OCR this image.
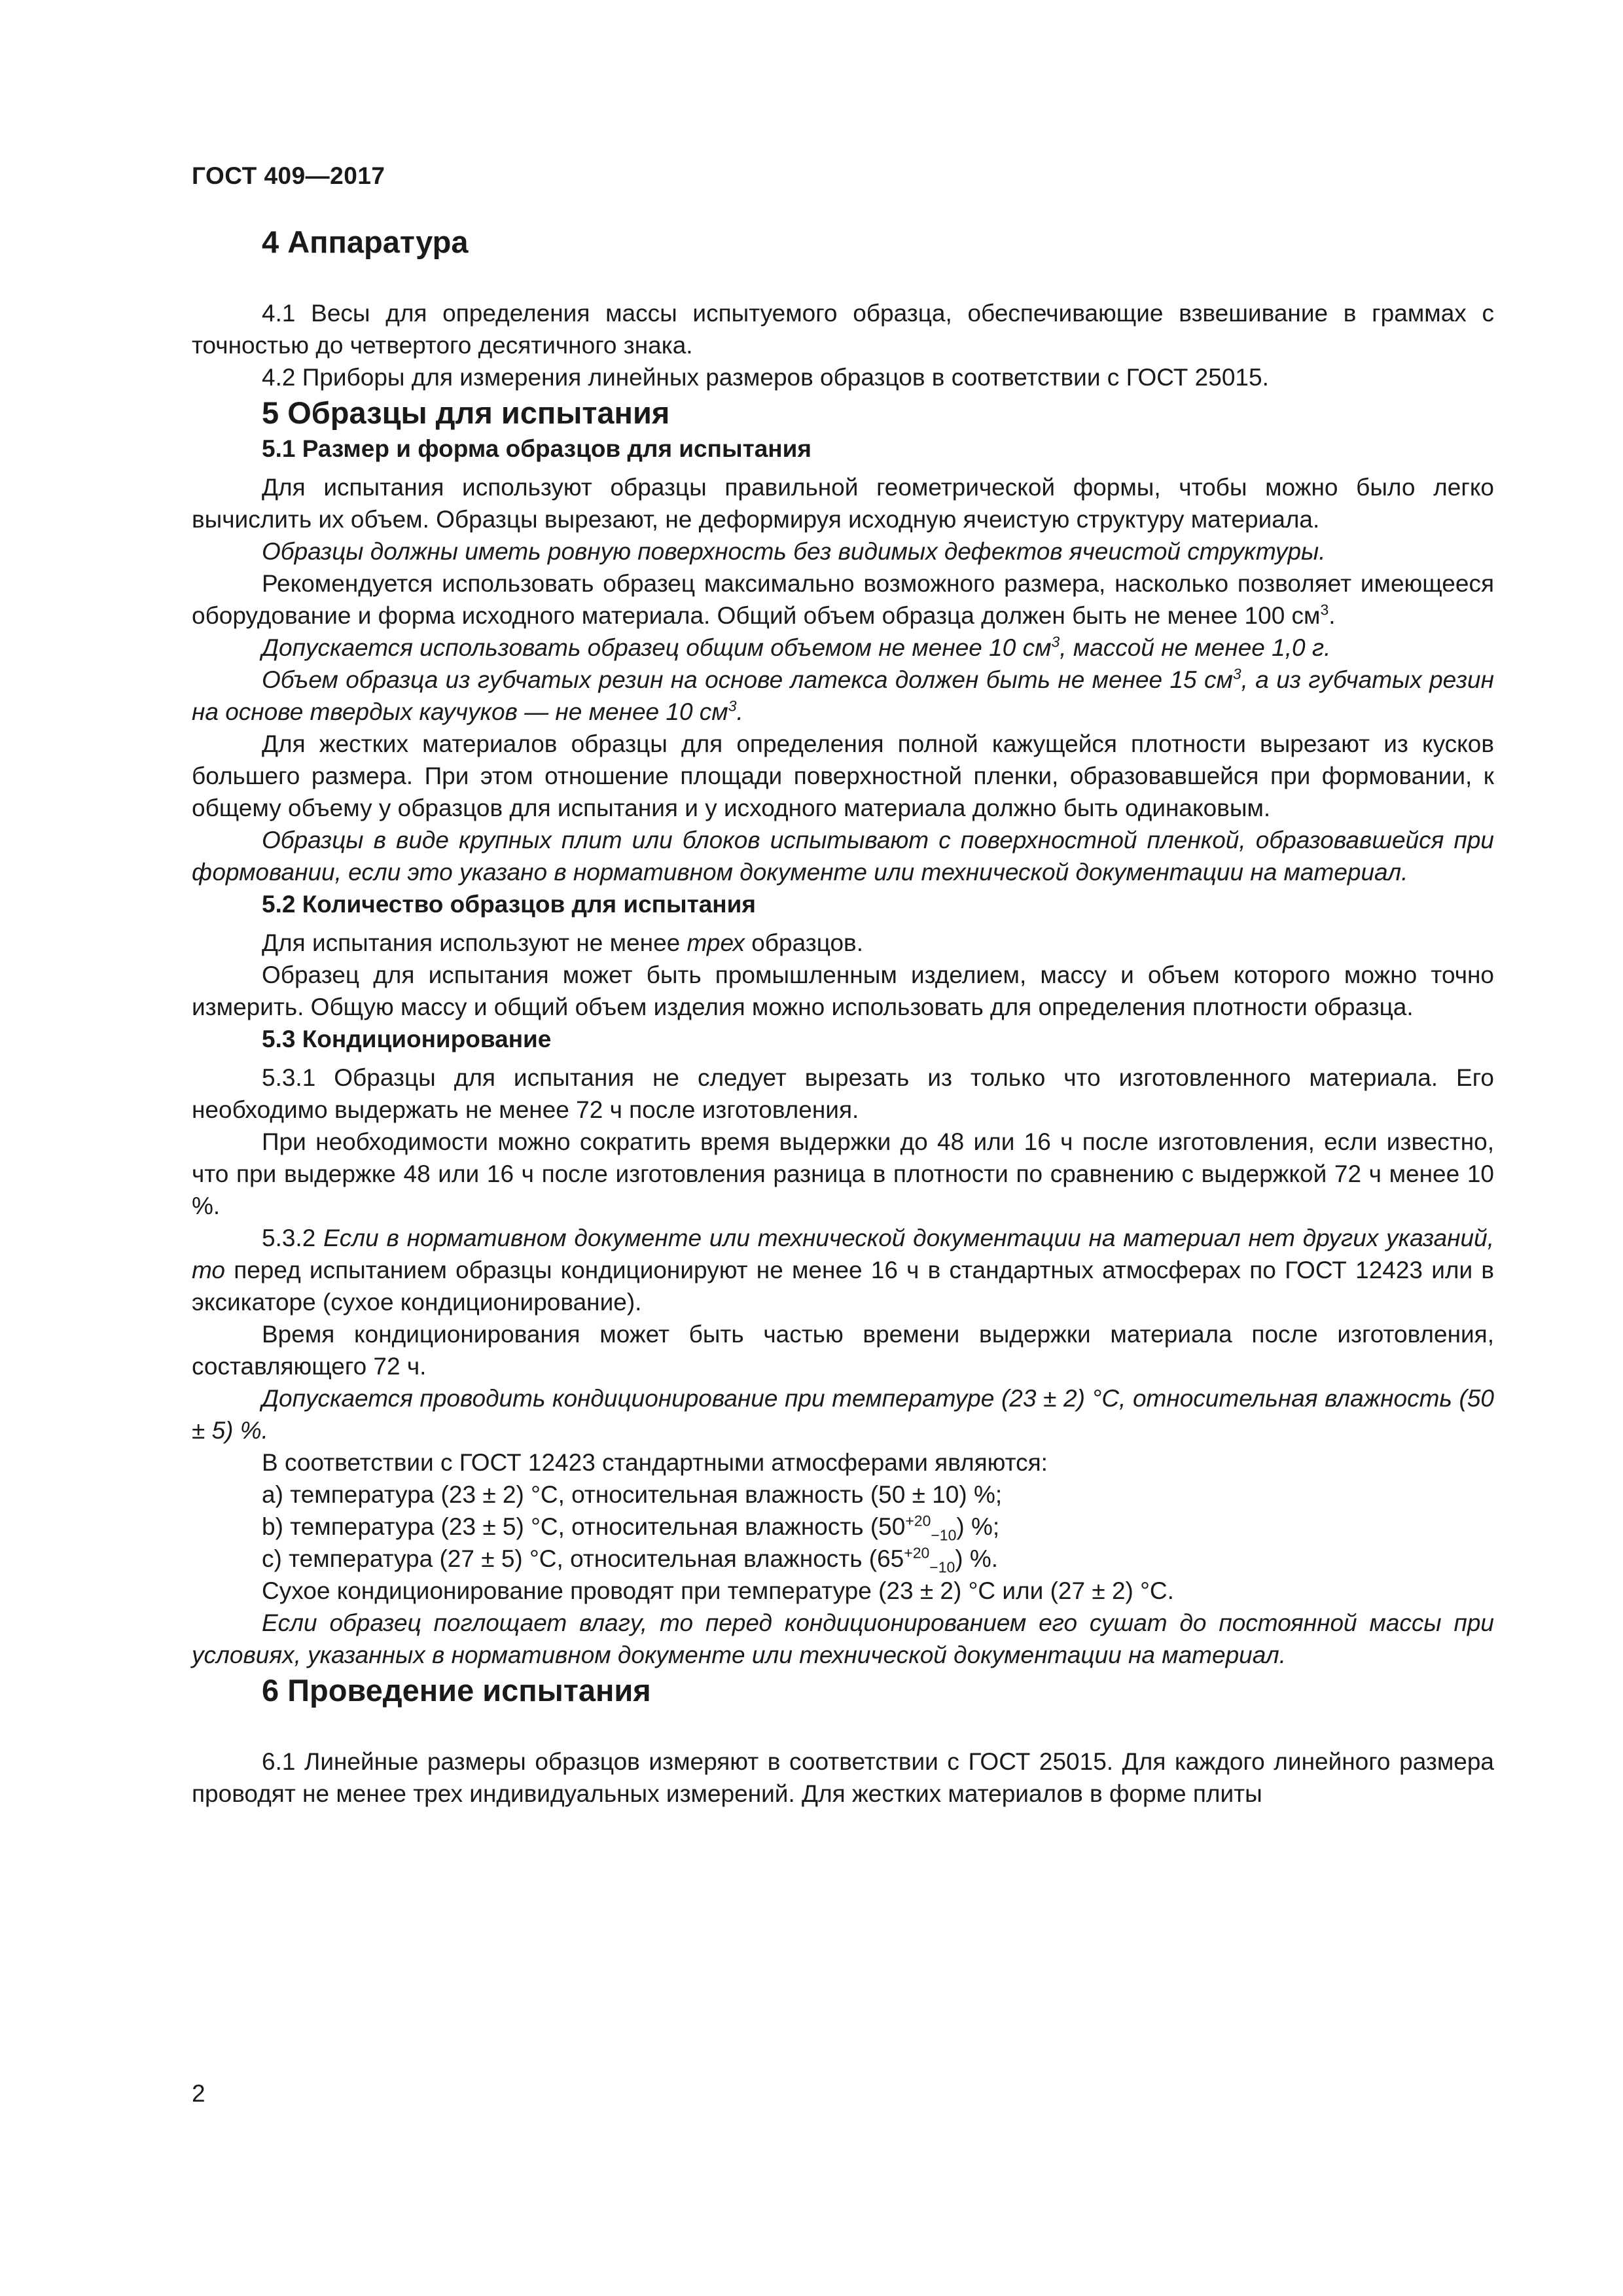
ГОСТ 409—2017
4 Аппаратура

4.1 Весы для определения массы испытуемого образца, обеспечивающие взвешивание в граммах с точностью до четвертого десятичного знака.

4.2 Приборы для измерения линейных размеров образцов в соответствии с ГОСТ 25015.

5 Образцы для испытания
5.1 Размер и форма образцов для испытания

Для испытания используют образцы правильной геометрической формы, чтобы можно было легко вычислить их объем. Образцы вырезают, не деформируя исходную ячеистую структуру материала.

Образцы должны иметь ровную поверхность без видимых дефектов ячеистой структуры.

Рекомендуется использовать образец максимально возможного размера, насколько позволяет имеющееся оборудование и форма исходного материала. Общий объем образца должен быть не менее 100 $см^3$.

Допускается использовать образец общим объемом не менее 10 $см^3$, массой не менее 1,0 г.

Объем образца из губчатых резин на основе латекса должен быть не менее 15 $см^3$, а из губчатых резин на основе твердых каучуков — не менее 10 $см^3$.

Для жестких материалов образцы для определения полной кажущейся плотности вырезают из кусков большего размера. При этом отношение площади поверхностной пленки, образовавшейся при формовании, к общему объему у образцов для испытания и у исходного материала должно быть одинаковым.

Образцы в виде крупных плит или блоков испытывают с поверхностной пленкой, образовавшейся при формовании, если это указано в нормативном документе или технической документации на материал.

5.2 Количество образцов для испытания

Для испытания используют не менее трех образцов.

Образец для испытания может быть промышленным изделием, массу и объем которого можно точно измерить. Общую массу и общий объем изделия можно использовать для определения плотности образца.

5.3 Кондиционирование

5.3.1 Образцы для испытания не следует вырезать из только что изготовленного материала. Его необходимо выдержать не менее 72 ч после изготовления.

При необходимости можно сократить время выдержки до 48 или 16 ч после изготовления, если известно, что при выдержке 48 или 16 ч после изготовления разница в плотности по сравнению с выдержкой 72 ч менее 10 %.

5.3.2 Если в нормативном документе или технической документации на материал нет других указаний, то перед испытанием образцы кондиционируют не менее 16 ч в стандартных атмосферах по ГОСТ 12423 или в эксикаторе (сухое кондиционирование).

Время кондиционирования может быть частью времени выдержки материала после изготовления, составляющего 72 ч.

Допускается проводить кондиционирование при температуре (23 ± 2) °С, относительная влажность (50 ± 5) %.

В соответствии с ГОСТ 12423 стандартными атмосферами являются:

a) температура (23 ± 2) °С, относительная влажность (50 ± 10) %;

b) температура (23 ± 5) °С, относительная влажность $(50^{+20}_{-10})$ %;

c) температура (27 ± 5) °С, относительная влажность $(65^{+20}_{-10})$ %.

Сухое кондиционирование проводят при температуре (23 ± 2) °С или (27 ± 2) °С.

Если образец поглощает влагу, то перед кондиционированием его сушат до постоянной массы при условиях, указанных в нормативном документе или технической документации на материал.

6 Проведение испытания

6.1 Линейные размеры образцов измеряют в соответствии с ГОСТ 25015. Для каждого линейного размера проводят не менее трех индивидуальных измерений. Для жестких материалов в форме плиты

2
